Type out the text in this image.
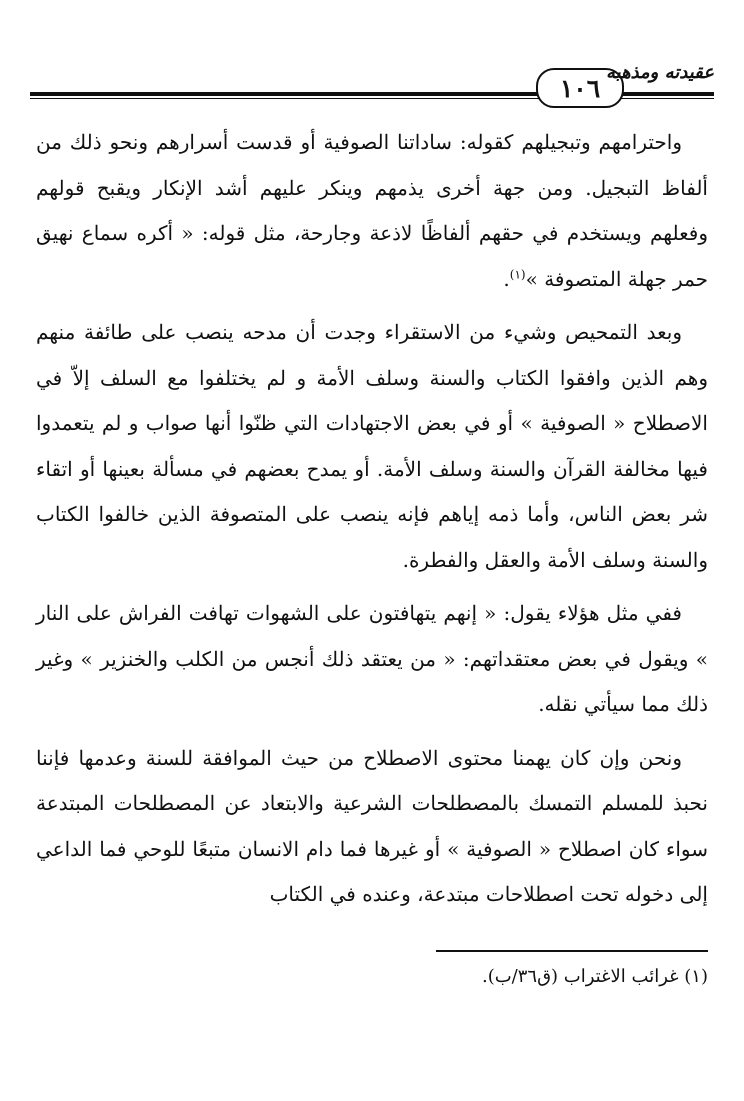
١٠٦
عقيدته ومذهبه

واحترامهم وتبجيلهم كقوله: ساداتنا الصوفية أو قدست أسرارهم ونحو ذلك من ألفاظ التبجيل. ومن جهة أخرى يذمهم وينكر عليهم أشد الإنكار ويقبح قولهم وفعلهم ويستخدم في حقهم ألفاظًا لاذعة وجارحة، مثل قوله: « أكره سماع نهيق حمر جهلة المتصوفة »$^{(١)}$.

وبعد التمحيص وشيء من الاستقراء وجدت أن مدحه ينصب على طائفة منهم وهم الذين وافقوا الكتاب والسنة وسلف الأمة و لم يختلفوا مع السلف إلاّ في الاصطلاح « الصوفية » أو في بعض الاجتهادات التي ظنّوا أنها صواب و لم يتعمدوا فيها مخالفة القرآن والسنة وسلف الأمة. أو يمدح بعضهم في مسألة بعينها أو اتقاء شر بعض الناس، وأما ذمه إياهم فإنه ينصب على المتصوفة الذين خالفوا الكتاب والسنة وسلف الأمة والعقل والفطرة.

ففي مثل هؤلاء يقول: « إنهم يتهافتون على الشهوات تهافت الفراش على النار » ويقول في بعض معتقداتهم: « من يعتقد ذلك أنجس من الكلب والخنزير » وغير ذلك مما سيأتي نقله.

ونحن وإن كان يهمنا محتوى الاصطلاح من حيث الموافقة للسنة وعدمها فإننا نحبذ للمسلم التمسك بالمصطلحات الشرعية والابتعاد عن المصطلحات المبتدعة سواء كان اصطلاح « الصوفية » أو غيرها فما دام الانسان متبعًا للوحي فما الداعي إلى دخوله تحت اصطلاحات مبتدعة، وعنده في الكتاب

(١) غرائب الاغتراب (ق٣٦/ب).
